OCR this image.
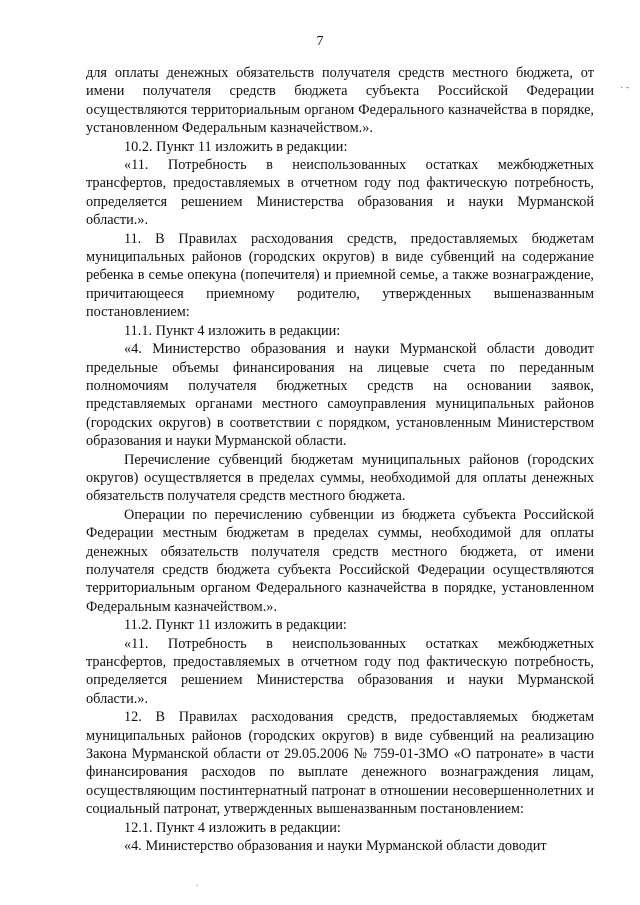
7
˙ ˉ

для оплаты денежных обязательств получателя средств местного бюджета, от имени получателя средств бюджета субъекта Российской Федерации осуществляются территориальным органом Федерального казначейства в порядке, установленном Федеральным казначейством.».

10.2. Пункт 11 изложить в редакции:

«11. Потребность в неиспользованных остатках межбюджетных трансфертов, предоставляемых в отчетном году под фактическую потребность, определяется решением Министерства образования и науки Мурманской области.».

11. В Правилах расходования средств, предоставляемых бюджетам муниципальных районов (городских округов) в виде субвенций на содержание ребенка в семье опекуна (попечителя) и приемной семье, а также вознаграждение, причитающееся приемному родителю, утвержденных вышеназванным постановлением:

11.1. Пункт 4 изложить в редакции:

«4. Министерство образования и науки Мурманской области доводит предельные объемы финансирования на лицевые счета по переданным полномочиям получателя бюджетных средств на основании заявок, представляемых органами местного самоуправления муниципальных районов (городских округов) в соответствии с порядком, установленным Министерством образования и науки Мурманской области.

Перечисление субвенций бюджетам муниципальных районов (городских округов) осуществляется в пределах суммы, необходимой для оплаты денежных обязательств получателя средств местного бюджета.

Операции по перечислению субвенции из бюджета субъекта Российской Федерации местным бюджетам в пределах суммы, необходимой для оплаты денежных обязательств получателя средств местного бюджета, от имени получателя средств бюджета субъекта Российской Федерации осуществляются территориальным органом Федерального казначейства в порядке, установленном Федеральным казначейством.».

11.2. Пункт 11 изложить в редакции:

«11. Потребность в неиспользованных остатках межбюджетных трансфертов, предоставляемых в отчетном году под фактическую потребность, определяется решением Министерства образования и науки Мурманской области.».

12. В Правилах расходования средств, предоставляемых бюджетам муниципальных районов (городских округов) в виде субвенций на реализацию Закона Мурманской области от 29.05.2006 № 759-01-ЗМО «О патронате» в части финансирования расходов по выплате денежного вознаграждения лицам, осуществляющим постинтернатный патронат в отношении несовершеннолетних и социальный патронат, утвержденных вышеназванным постановлением:

12.1. Пункт 4 изложить в редакции:

«4. Министерство образования и науки Мурманской области доводит

.
